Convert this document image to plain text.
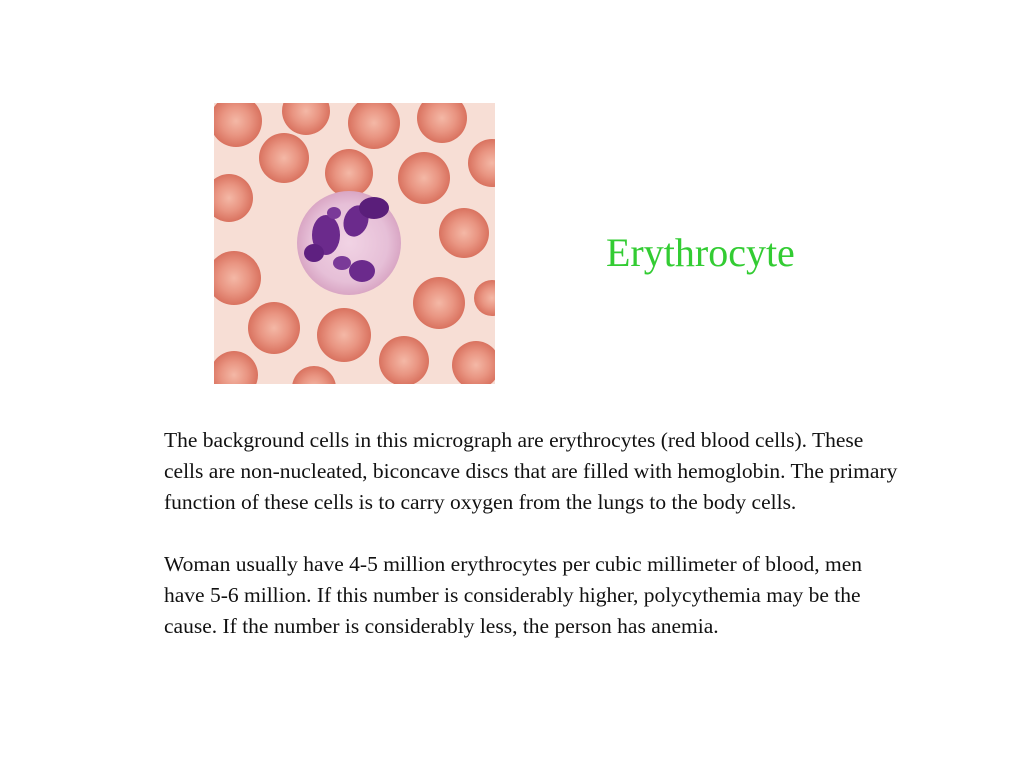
Erythrocyte

The background cells in this micrograph are erythrocytes (red blood cells). These cells are non-nucleated, biconcave discs that are filled with hemoglobin. The primary function of these cells is to carry oxygen from the lungs to the body cells.

Woman usually have 4-5 million erythrocytes per cubic millimeter of blood, men have 5-6 million. If this number is considerably higher, polycythemia may be the cause. If the number is considerably less, the person has anemia.
